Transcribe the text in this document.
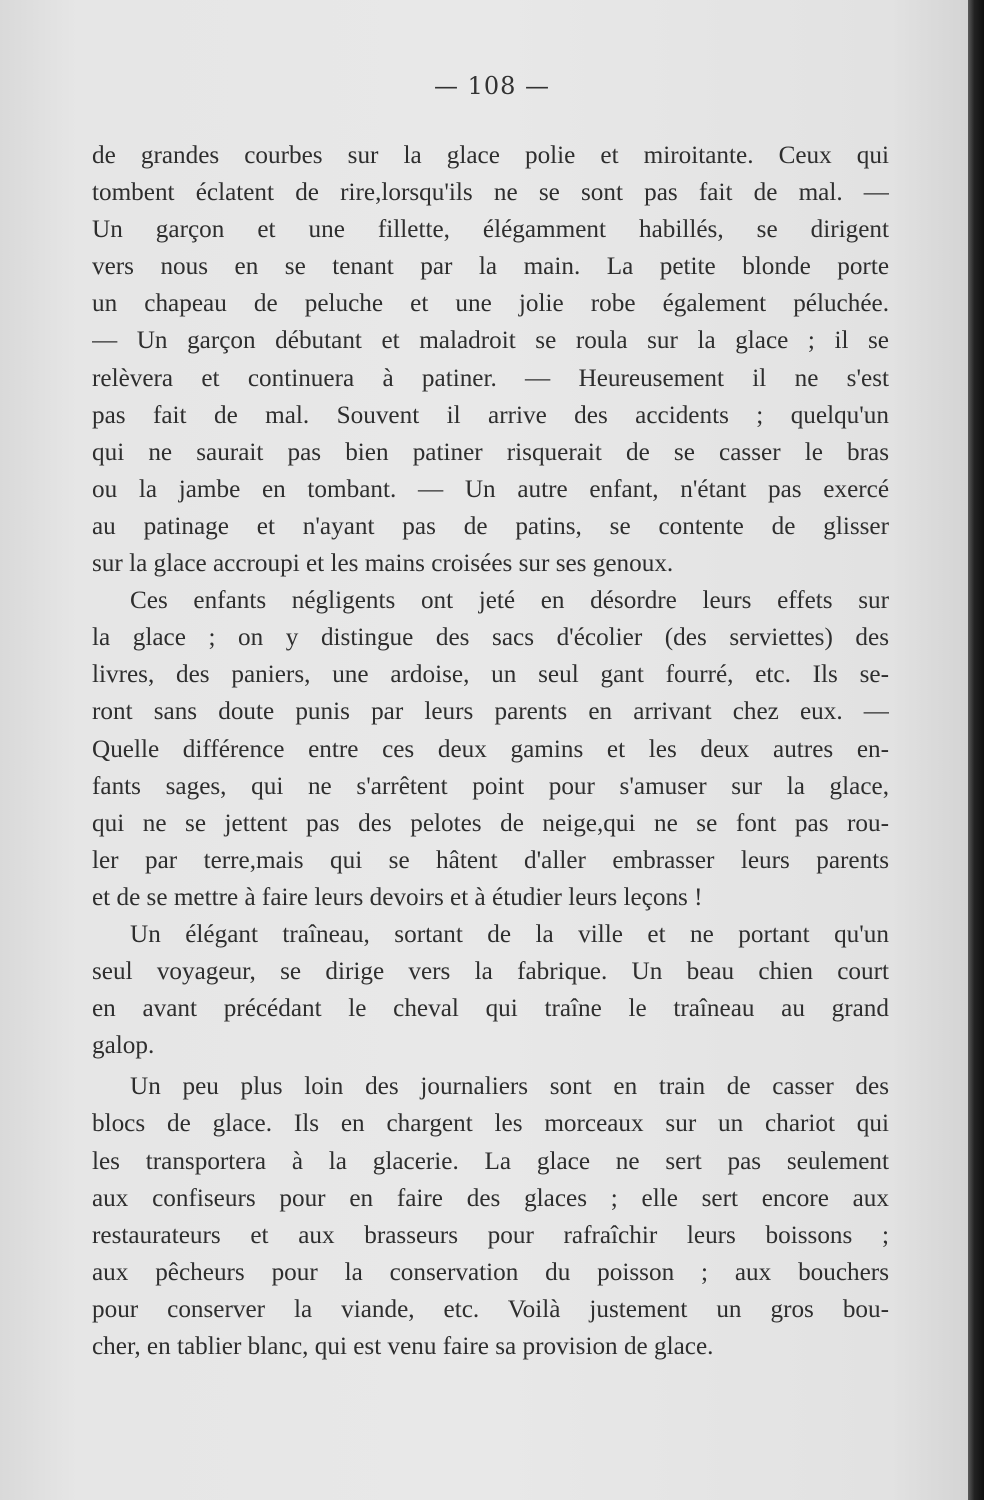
— 108 —
de grandes courbes sur la glace polie et miroitante. Ceux qui
tombent éclatent de rire,lorsqu'ils ne se sont pas fait de mal. —
Un garçon et une fillette, élégamment habillés, se dirigent
vers nous en se tenant par la main. La petite blonde porte
un chapeau de peluche et une jolie robe également péluchée.
— Un garçon débutant et maladroit se roula sur la glace ; il se
relèvera et continuera à patiner. — Heureusement il ne s'est
pas fait de mal. Souvent il arrive des accidents ; quelqu'un
qui ne saurait pas bien patiner risquerait de se casser le bras
ou la jambe en tombant. — Un autre enfant, n'étant pas exercé
au patinage et n'ayant pas de patins, se contente de glisser
sur la glace accroupi et les mains croisées sur ses genoux.
Ces enfants négligents ont jeté en désordre leurs effets sur
la glace ; on y distingue des sacs d'écolier (des serviettes) des
livres, des paniers, une ardoise, un seul gant fourré, etc. Ils se-
ront sans doute punis par leurs parents en arrivant chez eux. —
Quelle différence entre ces deux gamins et les deux autres en-
fants sages, qui ne s'arrêtent point pour s'amuser sur la glace,
qui ne se jettent pas des pelotes de neige,qui ne se font pas rou-
ler par terre,mais qui se hâtent d'aller embrasser leurs parents
et de se mettre à faire leurs devoirs et à étudier leurs leçons !
Un élégant traîneau, sortant de la ville et ne portant qu'un
seul voyageur, se dirige vers la fabrique. Un beau chien court
en avant précédant le cheval qui traîne le traîneau au grand
galop.
Un peu plus loin des journaliers sont en train de casser des
blocs de glace. Ils en chargent les morceaux sur un chariot qui
les transportera à la glacerie. La glace ne sert pas seulement
aux confiseurs pour en faire des glaces ; elle sert encore aux
restaurateurs et aux brasseurs pour rafraîchir leurs boissons ;
aux pêcheurs pour la conservation du poisson ; aux bouchers
pour conserver la viande, etc. Voilà justement un gros bou-
cher, en tablier blanc, qui est venu faire sa provision de glace.
